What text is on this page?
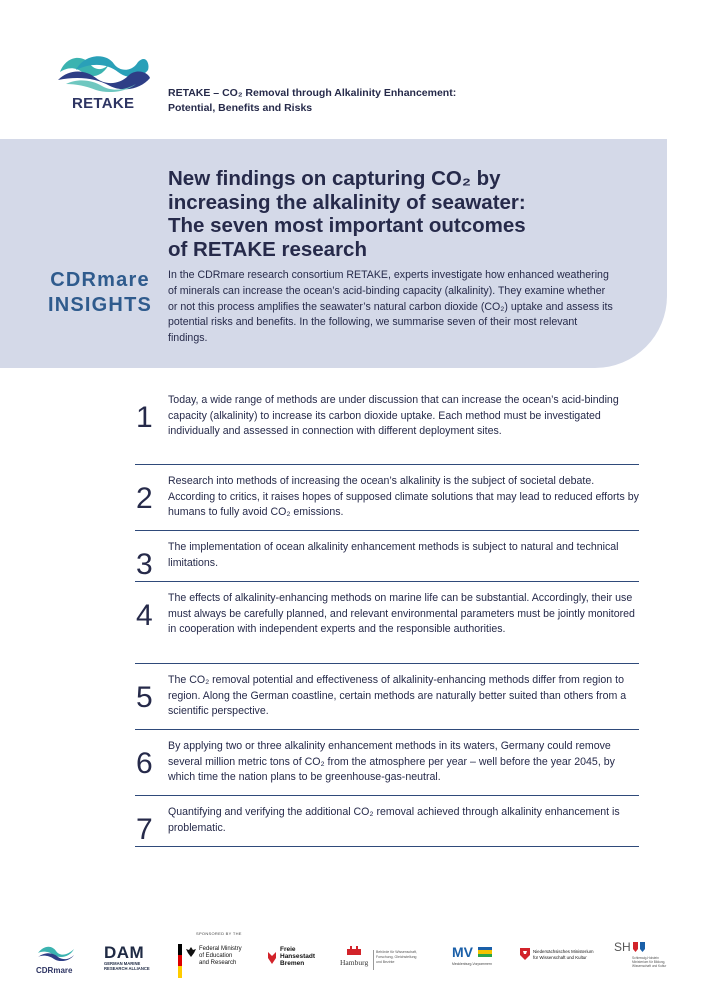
RETAKE
RETAKE – CO₂ Removal through Alkalinity Enhancement:
Potential, Benefits and Risks
New findings on capturing CO₂ by
increasing the alkalinity of seawater:
The seven most important outcomes
of RETAKE research
CDRmare
INSIGHTS
In the CDRmare research consortium RETAKE, experts investigate how enhanced weathering of minerals can increase the ocean’s acid-binding capacity (alkalinity). They examine whether or not this process amplifies the seawater’s natural carbon dioxide (CO₂) uptake and assess its potential risks and benefits. In the following, we summarise seven of their most relevant findings.
1
Today, a wide range of methods are under discussion that can increase the ocean’s acid-binding capacity (alkalinity) to increase its carbon dioxide uptake. Each method must be investigated individually and assessed in connection with different deployment sites.
2
Research into methods of increasing the ocean’s alkalinity is the subject of societal debate. According to critics, it raises hopes of supposed climate solutions that may lead to reduced efforts by humans to fully avoid CO₂ emissions.
3
The implementation of ocean alkalinity enhancement methods is subject to natural and technical limitations.
4
The effects of alkalinity-enhancing methods on marine life can be substantial. Accordingly, their use must always be carefully planned, and relevant environmental parameters must be jointly monitored in cooperation with independent experts and the responsible authorities.
5
The CO₂ removal potential and effectiveness of alkalinity-enhancing methods differ from region to region. Along the German coastline, certain methods are naturally better suited than others from a scientific perspective.
6
By applying two or three alkalinity enhancement methods in its waters, Germany could remove several million metric tons of CO₂ from the atmosphere per year – well before the year 2045, by which time the nation plans to be greenhouse-gas-neutral.
7
Quantifying and verifying the additional CO₂ removal achieved through alkalinity enhancement is problematic.
CDRmare
DAM
GERMAN MARINE
RESEARCH ALLIANCE
SPONSORED BY THE
Federal Ministry
of Education
and Research
Freie
Hansestadt
Bremen	Hamburg
Behörde für Wissenschaft,
Forschung, Gleichstellung
und Bezirke
MV
Mecklenburg-Vorpommern
Niedersächsisches Ministerium
für Wissenschaft und Kultur
SH
Schleswig-Holstein
Ministerium für Bildung,
Wissenschaft und Kultur
